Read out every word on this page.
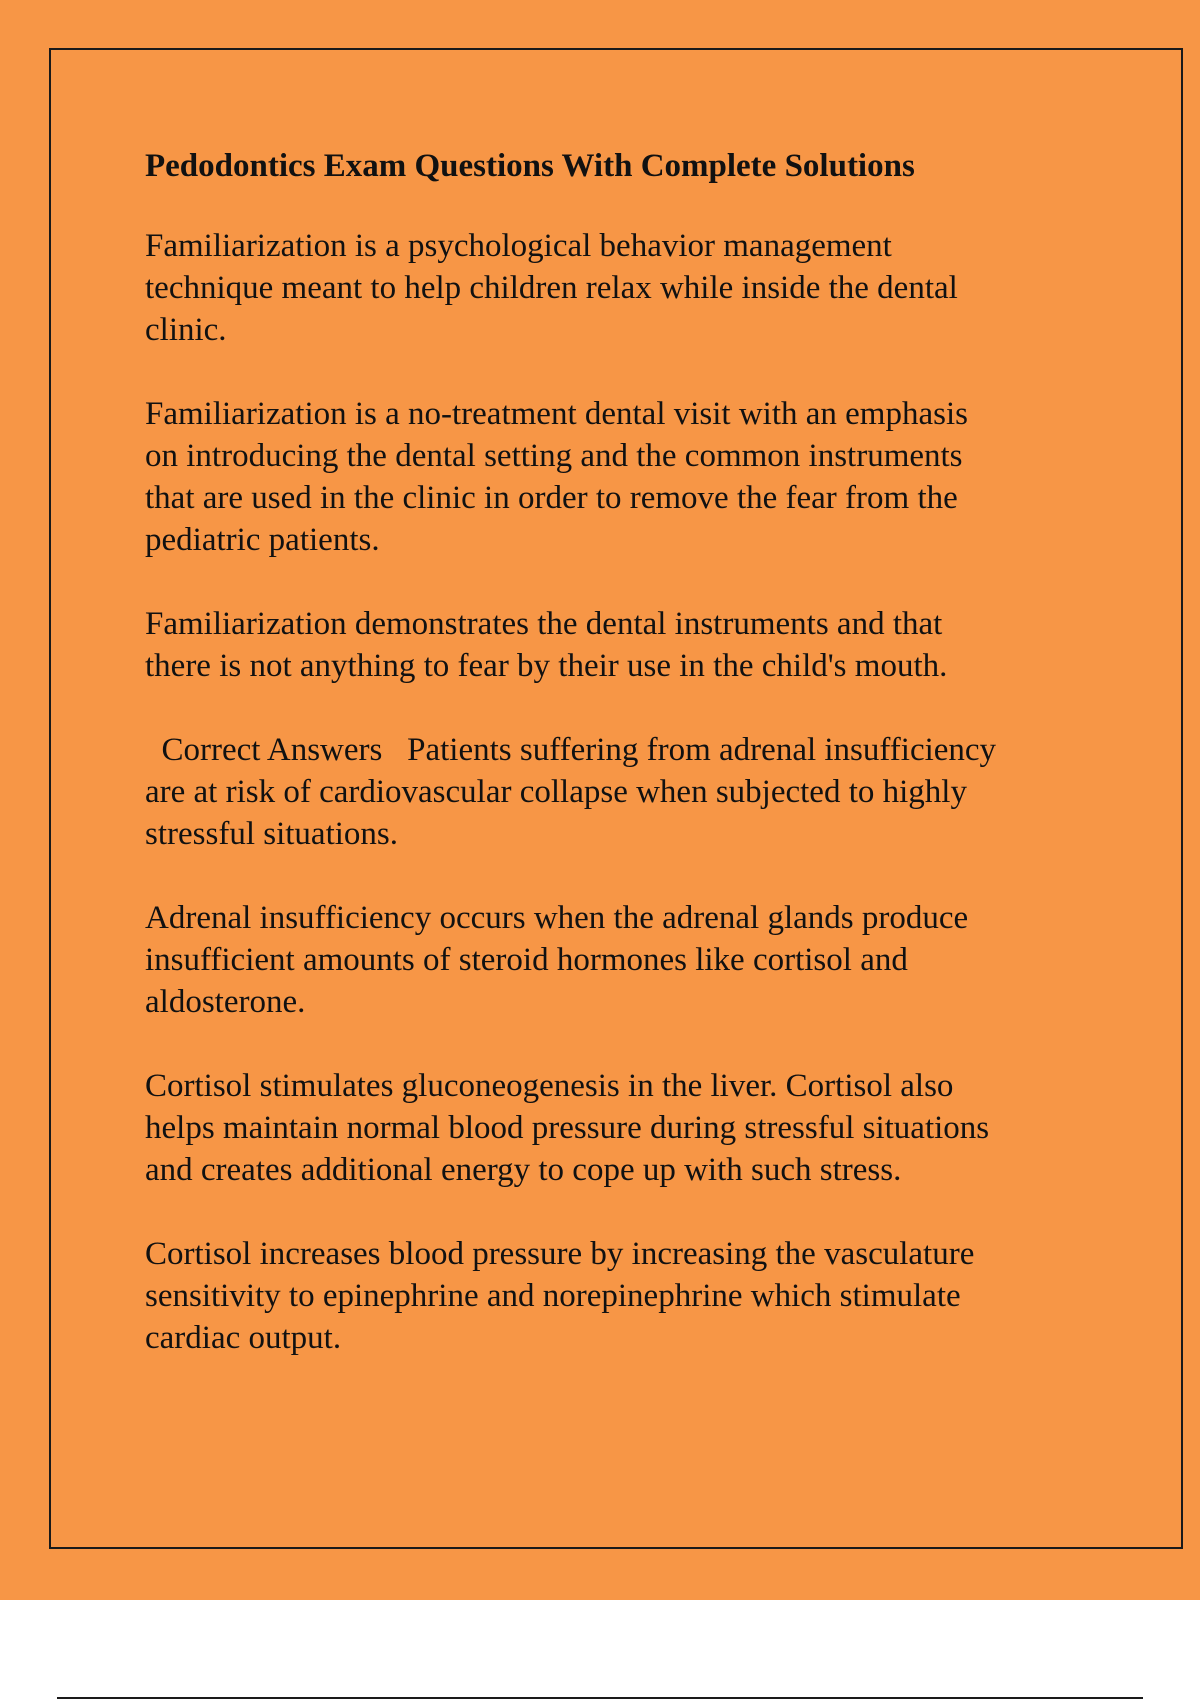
Pedodontics Exam Questions With Complete Solutions

Familiarization is a psychological behavior management
technique meant to help children relax while inside the dental
clinic.

Familiarization is a no-treatment dental visit with an emphasis
on introducing the dental setting and the common instruments
that are used in the clinic in order to remove the fear from the
pediatric patients.

Familiarization demonstrates the dental instruments and that
there is not anything to fear by their use in the child's mouth.

Correct Answers   Patients suffering from adrenal insufficiency
are at risk of cardiovascular collapse when subjected to highly
stressful situations.

Adrenal insufficiency occurs when the adrenal glands produce
insufficient amounts of steroid hormones like cortisol and
aldosterone.

Cortisol stimulates gluconeogenesis in the liver. Cortisol also
helps maintain normal blood pressure during stressful situations
and creates additional energy to cope up with such stress.

Cortisol increases blood pressure by increasing the vasculature
sensitivity to epinephrine and norepinephrine which stimulate
cardiac output.
